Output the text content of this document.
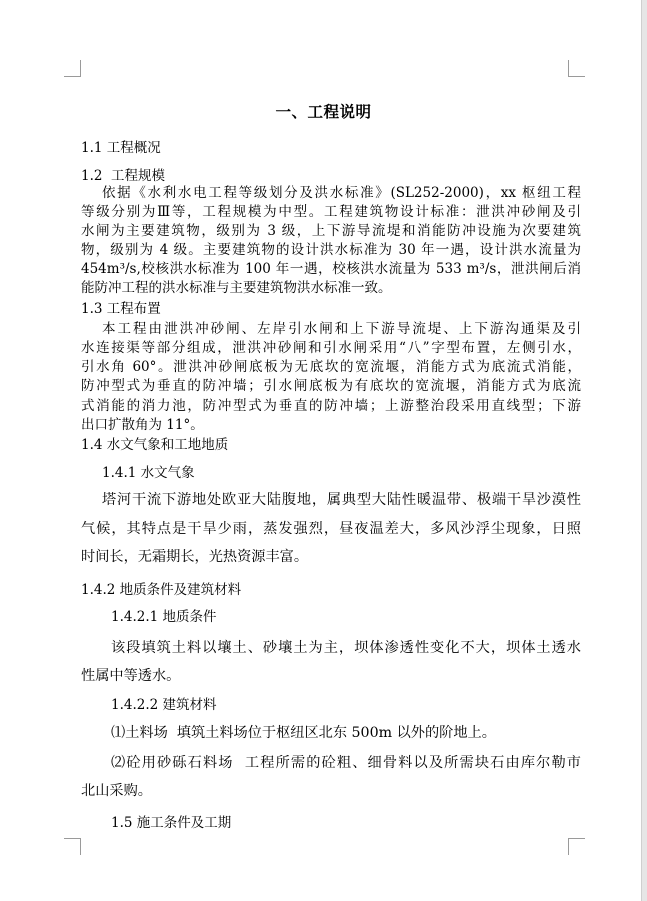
一、工程说明
1.1 工程概况
1.2  工程规模
依据《水利水电工程等级划分及洪水标准》(SL252-2000)，xx 枢纽工程
等级分别为Ⅲ等，工程规模为中型。工程建筑物设计标准：泄洪冲砂闸及引
水闸为主要建筑物，级别为 3 级，上下游导流堤和消能防冲设施为次要建筑
物，级别为 4 级。主要建筑物的设计洪水标准为 30 年一遇，设计洪水流量为
454m³/s,校核洪水标准为 100 年一遇，校核洪水流量为 533 m³/s，泄洪闸后消
能防冲工程的洪水标准与主要建筑物洪水标准一致。
1.3 工程布置
本工程由泄洪冲砂闸、左岸引水闸和上下游导流堤、上下游沟通渠及引
水连接渠等部分组成，泄洪冲砂闸和引水闸采用“八”字型布置，左侧引水，
引水角 60°。泄洪冲砂闸底板为无底坎的宽流堰，消能方式为底流式消能，
防冲型式为垂直的防冲墙；引水闸底板为有底坎的宽流堰，消能方式为底流
式消能的消力池，防冲型式为垂直的防冲墙；上游整治段采用直线型；下游
出口扩散角为 11°。
1.4 水文气象和工地地质
1.4.1 水文气象
塔河干流下游地处欧亚大陆腹地，属典型大陆性暖温带、极端干旱沙漠性
气候，其特点是干旱少雨，蒸发强烈，昼夜温差大，多风沙浮尘现象，日照
时间长，无霜期长，光热资源丰富。
1.4.2 地质条件及建筑材料
1.4.2.1 地质条件
该段填筑土料以壤土、砂壤土为主，坝体渗透性变化不大，坝体土透水
性属中等透水。
1.4.2.2 建筑材料
⑴土料场  填筑土料场位于枢纽区北东 500m 以外的阶地上。
⑵砼用砂砾石料场  工程所需的砼粗、细骨料以及所需块石由库尔勒市
北山采购。
1.5 施工条件及工期
